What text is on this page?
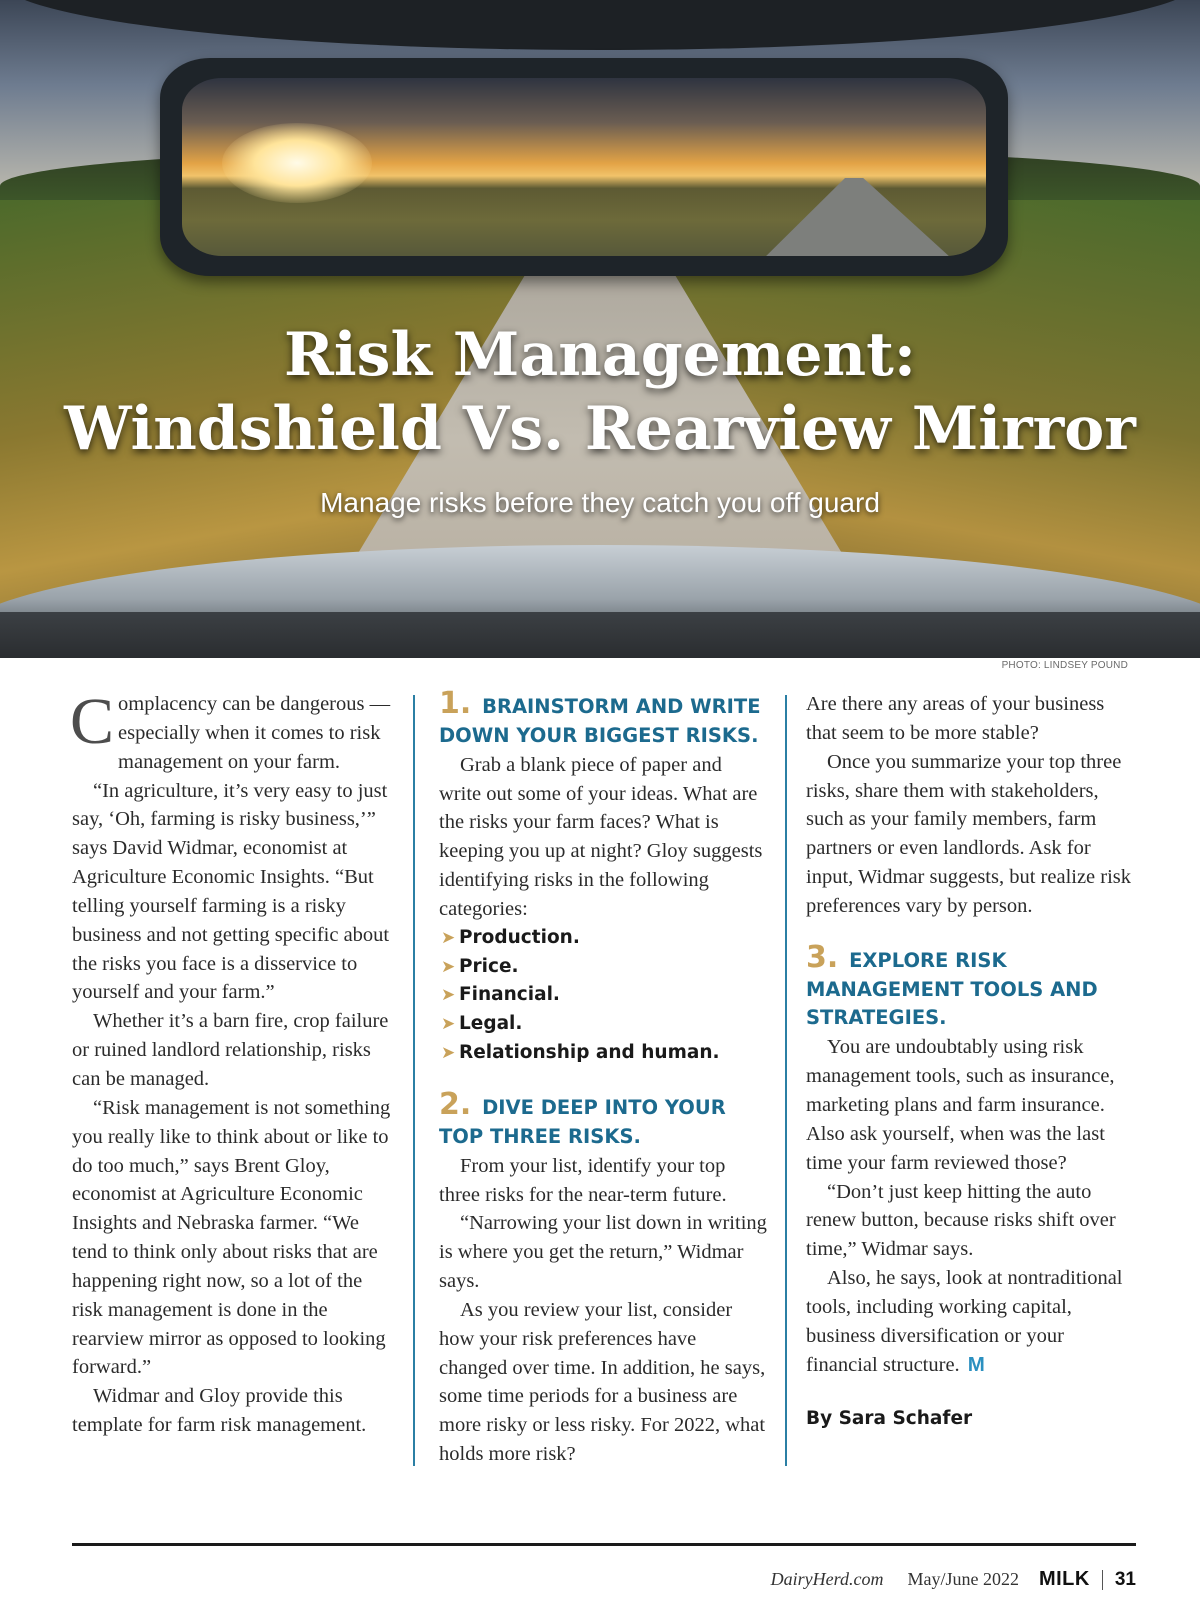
Risk Management:
Windshield Vs. Rearview Mirror
Manage risks before they catch you off guard
PHOTO: LINDSEY POUND

Complacency can be dangerous — especially when it comes to risk management on your farm.

“In agriculture, it’s very easy to just say, ‘Oh, farming is risky business,’” says David Widmar, economist at Agriculture Economic Insights. “But telling yourself farming is a risky business and not getting specific about the risks you face is a disservice to yourself and your farm.”

Whether it’s a barn fire, crop failure or ruined landlord relationship, risks can be managed.

“Risk management is not something you really like to think about or like to do too much,” says Brent Gloy, economist at Agriculture Economic Insights and Nebraska farmer. “We tend to think only about risks that are happening right now, so a lot of the risk management is done in the rearview mirror as opposed to looking forward.”

Widmar and Gloy provide this template for farm risk management.

1. BRAINSTORM AND WRITE DOWN YOUR BIGGEST RISKS.

Grab a blank piece of paper and write out some of your ideas. What are the risks your farm faces? What is keeping you up at night? Gloy suggests identifying risks in the following categories:

➤ Production.
➤ Price.
➤ Financial.
➤ Legal.
➤ Relationship and human.
2. DIVE DEEP INTO YOUR TOP THREE RISKS.

From your list, identify your top three risks for the near-term future.

“Narrowing your list down in writing is where you get the return,” Widmar says.

As you review your list, consider how your risk preferences have changed over time. In addition, he says, some time periods for a business are more risky or less risky. For 2022, what holds more risk?

Are there any areas of your business that seem to be more stable?

Once you summarize your top three risks, share them with stakeholders, such as your family members, farm partners or even landlords. Ask for input, Widmar suggests, but realize risk preferences vary by person.

3. EXPLORE RISK MANAGEMENT TOOLS AND STRATEGIES.

You are undoubtably using risk management tools, such as insurance, marketing plans and farm insurance. Also ask yourself, when was the last time your farm reviewed those?

“Don’t just keep hitting the auto renew button, because risks shift over time,” Widmar says.

Also, he says, look at nontraditional tools, including working capital, business diversification or your financial structure. M

By Sara Schafer
DairyHerd.com May/June 2022 MILK 31
